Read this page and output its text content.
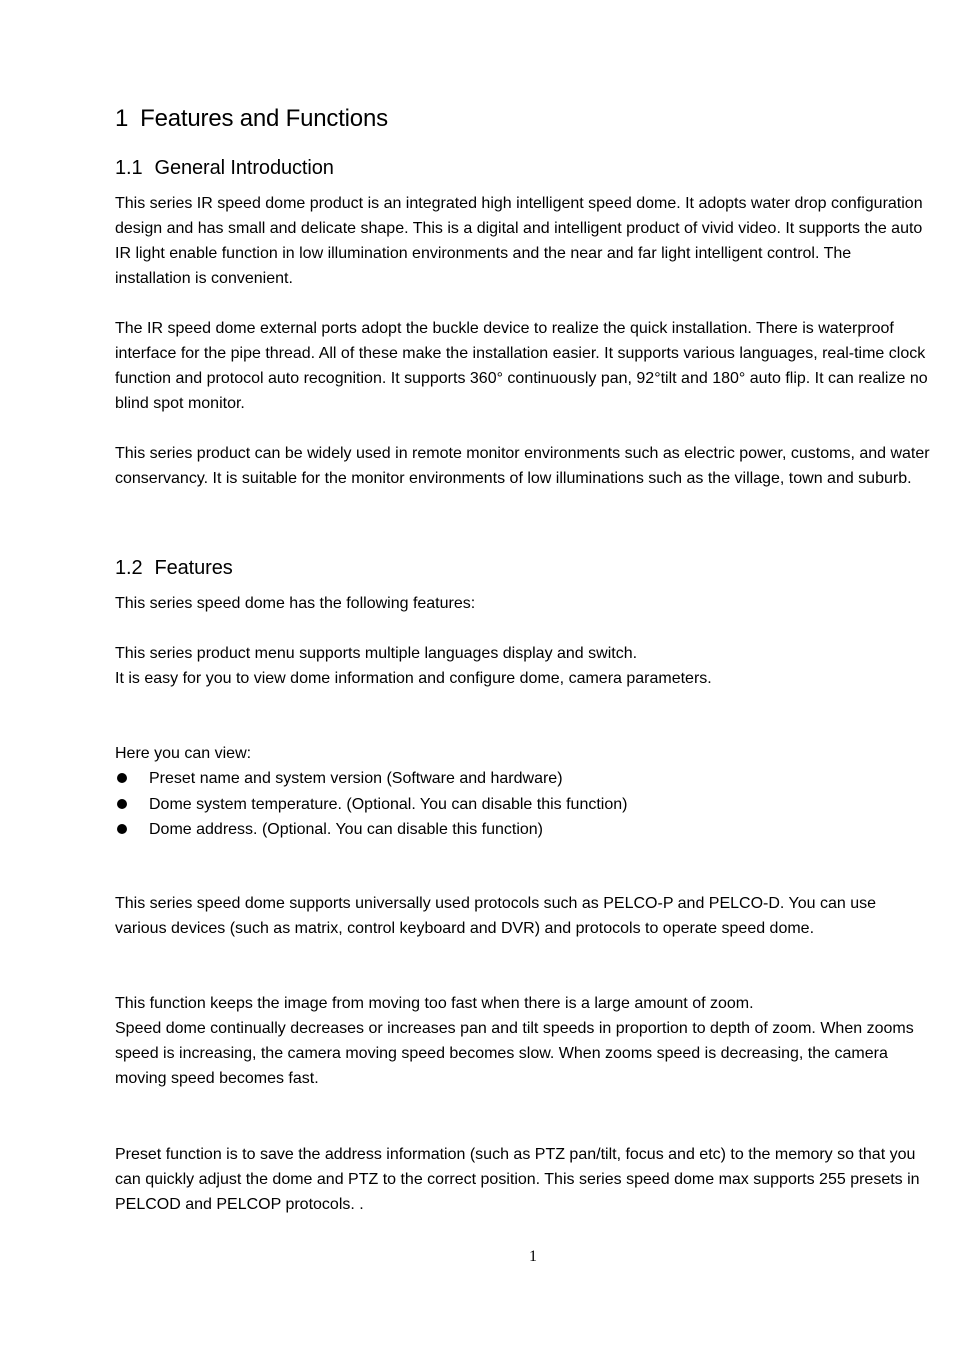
1 Features and Functions
1.1 General Introduction

This series IR speed dome product is an integrated high intelligent speed dome. It adopts water drop configuration design and has small and delicate shape. This is a digital and intelligent product of vivid video. It supports the auto IR light enable function in low illumination environments and the near and far light intelligent control. The installation is convenient.

The IR speed dome external ports adopt the buckle device to realize the quick installation. There is waterproof interface for the pipe thread. All of these make the installation easier. It supports various languages, real-time clock function and protocol auto recognition. It supports 360° continuously pan, 92°tilt and 180° auto flip. It can realize no blind spot monitor.

This series product can be widely used in remote monitor environments such as electric power, customs, and water conservancy. It is suitable for the monitor environments of low illuminations such as the village, town and suburb.

1.2 Features

This series speed dome has the following features:

This series product menu supports multiple languages display and switch.

It is easy for you to view dome information and configure dome, camera parameters.

Here you can view:

Preset name and system version (Software and hardware)
Dome system temperature. (Optional. You can disable this function)
Dome address. (Optional. You can disable this function)

This series speed dome supports universally used protocols such as PELCO-P and PELCO-D. You can use various devices (such as matrix, control keyboard and DVR) and protocols to operate speed dome.

This function keeps the image from moving too fast when there is a large amount of zoom.

Speed dome continually decreases or increases pan and tilt speeds in proportion to depth of zoom. When zooms speed is increasing, the camera moving speed becomes slow. When zooms speed is decreasing, the camera moving speed becomes fast.

Preset function is to save the address information (such as PTZ pan/tilt, focus and etc) to the memory so that you can quickly adjust the dome and PTZ to the correct position. This series speed dome max supports 255 presets in PELCOD and PELCOP protocols. .

1
